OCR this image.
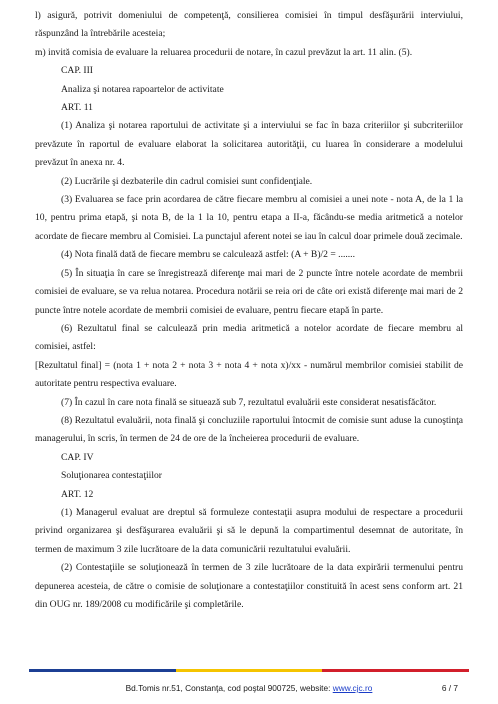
l) asigură, potrivit domeniului de competenţă, consilierea comisiei în timpul desfăşurării interviului, răspunzând la întrebările acesteia;

m) invită comisia de evaluare la reluarea procedurii de notare, în cazul prevăzut la art. 11 alin. (5).

CAP. III

Analiza şi notarea rapoartelor de activitate

ART. 11

(1) Analiza şi notarea raportului de activitate şi a interviului se fac în baza criteriilor şi subcriteriilor prevăzute în raportul de evaluare elaborat la solicitarea autorităţii, cu luarea în considerare a modelului prevăzut în anexa nr. 4.

(2) Lucrările şi dezbaterile din cadrul comisiei sunt confidenţiale.

(3) Evaluarea se face prin acordarea de către fiecare membru al comisiei a unei note - nota A, de la 1 la 10, pentru prima etapă, şi nota B, de la 1 la 10, pentru etapa a II-a, făcându-se media aritmetică a notelor acordate de fiecare membru al Comisiei. La punctajul aferent notei se iau în calcul doar primele două zecimale.

(4) Nota finală dată de fiecare membru se calculează astfel: (A + B)/2 = .......

(5) În situaţia în care se înregistrează diferenţe mai mari de 2 puncte între notele acordate de membrii comisiei de evaluare, se va relua notarea. Procedura notării se reia ori de câte ori există diferenţe mai mari de 2 puncte între notele acordate de membrii comisiei de evaluare, pentru fiecare etapă în parte.

(6) Rezultatul final se calculează prin media aritmetică a notelor acordate de fiecare membru al comisiei, astfel:

[Rezultatul final] = (nota 1 + nota 2 + nota 3 + nota 4 + nota x)/xx - numărul membrilor comisiei stabilit de autoritate pentru respectiva evaluare.

(7) În cazul în care nota finală se situează sub 7, rezultatul evaluării este considerat nesatisfăcător.

(8) Rezultatul evaluării, nota finală şi concluziile raportului întocmit de comisie sunt aduse la cunoştinţa managerului, în scris, în termen de 24 de ore de la încheierea procedurii de evaluare.

CAP. IV

Soluţionarea contestaţiilor

ART. 12

(1) Managerul evaluat are dreptul să formuleze contestaţii asupra modului de respectare a procedurii privind organizarea şi desfăşurarea evaluării şi să le depună la compartimentul desemnat de autoritate, în termen de maximum 3 zile lucrătoare de la data comunicării rezultatului evaluării.

(2) Contestaţiile se soluţionează în termen de 3 zile lucrătoare de la data expirării termenului pentru depunerea acesteia, de către o comisie de soluţionare a contestaţiilor constituită în acest sens conform art. 21 din OUG nr. 189/2008 cu modificările şi completările.

Bd.Tomis nr.51, Constanţa, cod poştal 900725, website: www.cjc.ro	6 / 7
